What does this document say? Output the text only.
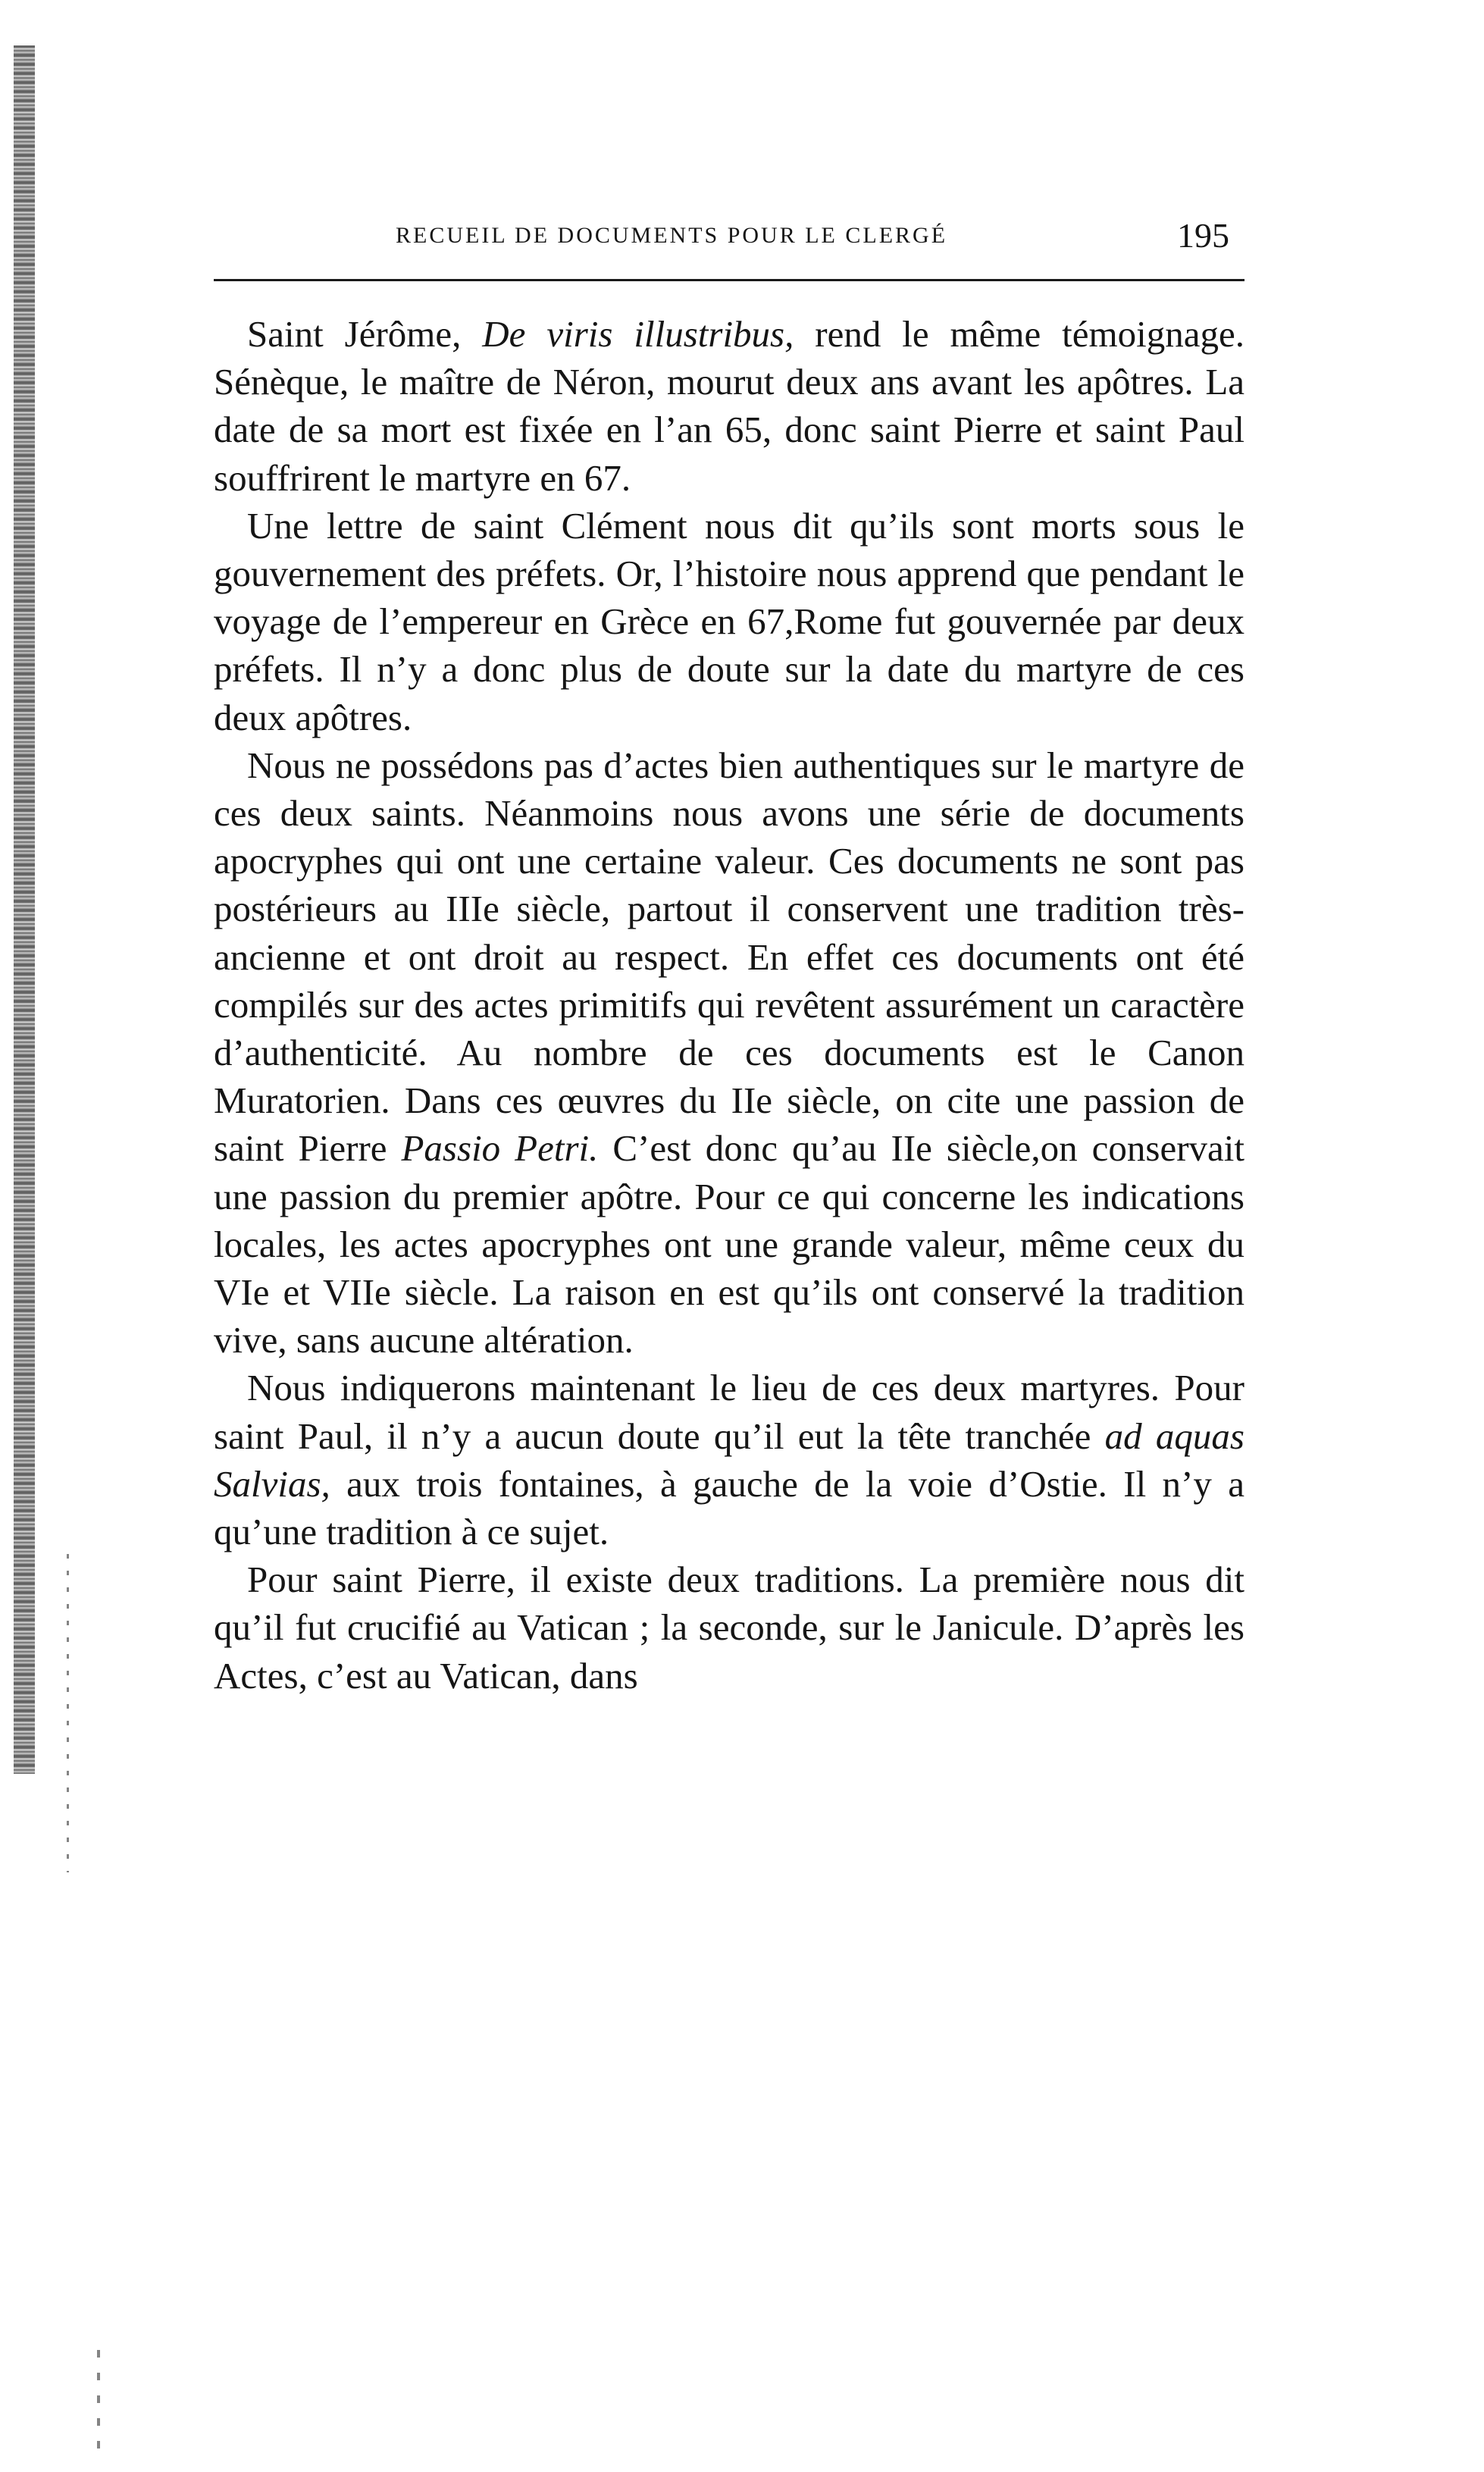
RECUEIL DE DOCUMENTS POUR LE CLERGÉ	195

Saint Jérôme, De viris illustribus, rend le même témoignage. Sénèque, le maître de Néron, mourut deux ans avant les apôtres. La date de sa mort est fixée en l’an 65, donc saint Pierre et saint Paul souffrirent le martyre en 67.

Une lettre de saint Clément nous dit qu’ils sont morts sous le gouvernement des préfets. Or, l’histoire nous apprend que pendant le voyage de l’empereur en Grèce en 67,Rome fut gouvernée par deux préfets. Il n’y a donc plus de doute sur la date du martyre de ces deux apôtres.

Nous ne possédons pas d’actes bien authentiques sur le martyre de ces deux saints. Néanmoins nous avons une série de documents apocryphes qui ont une certaine valeur. Ces documents ne sont pas postérieurs au IIIe siècle, partout il conservent une tradition très-ancienne et ont droit au respect. En effet ces documents ont été compilés sur des actes primitifs qui revêtent assurément un caractère d’authenticité. Au nombre de ces documents est le Canon Muratorien. Dans ces œuvres du IIe siècle, on cite une passion de saint Pierre Passio Petri. C’est donc qu’au IIe siècle,on conservait une passion du premier apôtre. Pour ce qui concerne les indications locales, les actes apocryphes ont une grande valeur, même ceux du VIe et VIIe siècle. La raison en est qu’ils ont conservé la tradition vive, sans aucune altération.

Nous indiquerons maintenant le lieu de ces deux martyres. Pour saint Paul, il n’y a aucun doute qu’il eut la tête tranchée ad aquas Salvias, aux trois fontaines, à gauche de la voie d’Ostie. Il n’y a qu’une tradition à ce sujet.

Pour saint Pierre, il existe deux traditions. La première nous dit qu’il fut crucifié au Vatican ; la seconde, sur le Janicule. D’après les Actes, c’est au Vatican, dans
